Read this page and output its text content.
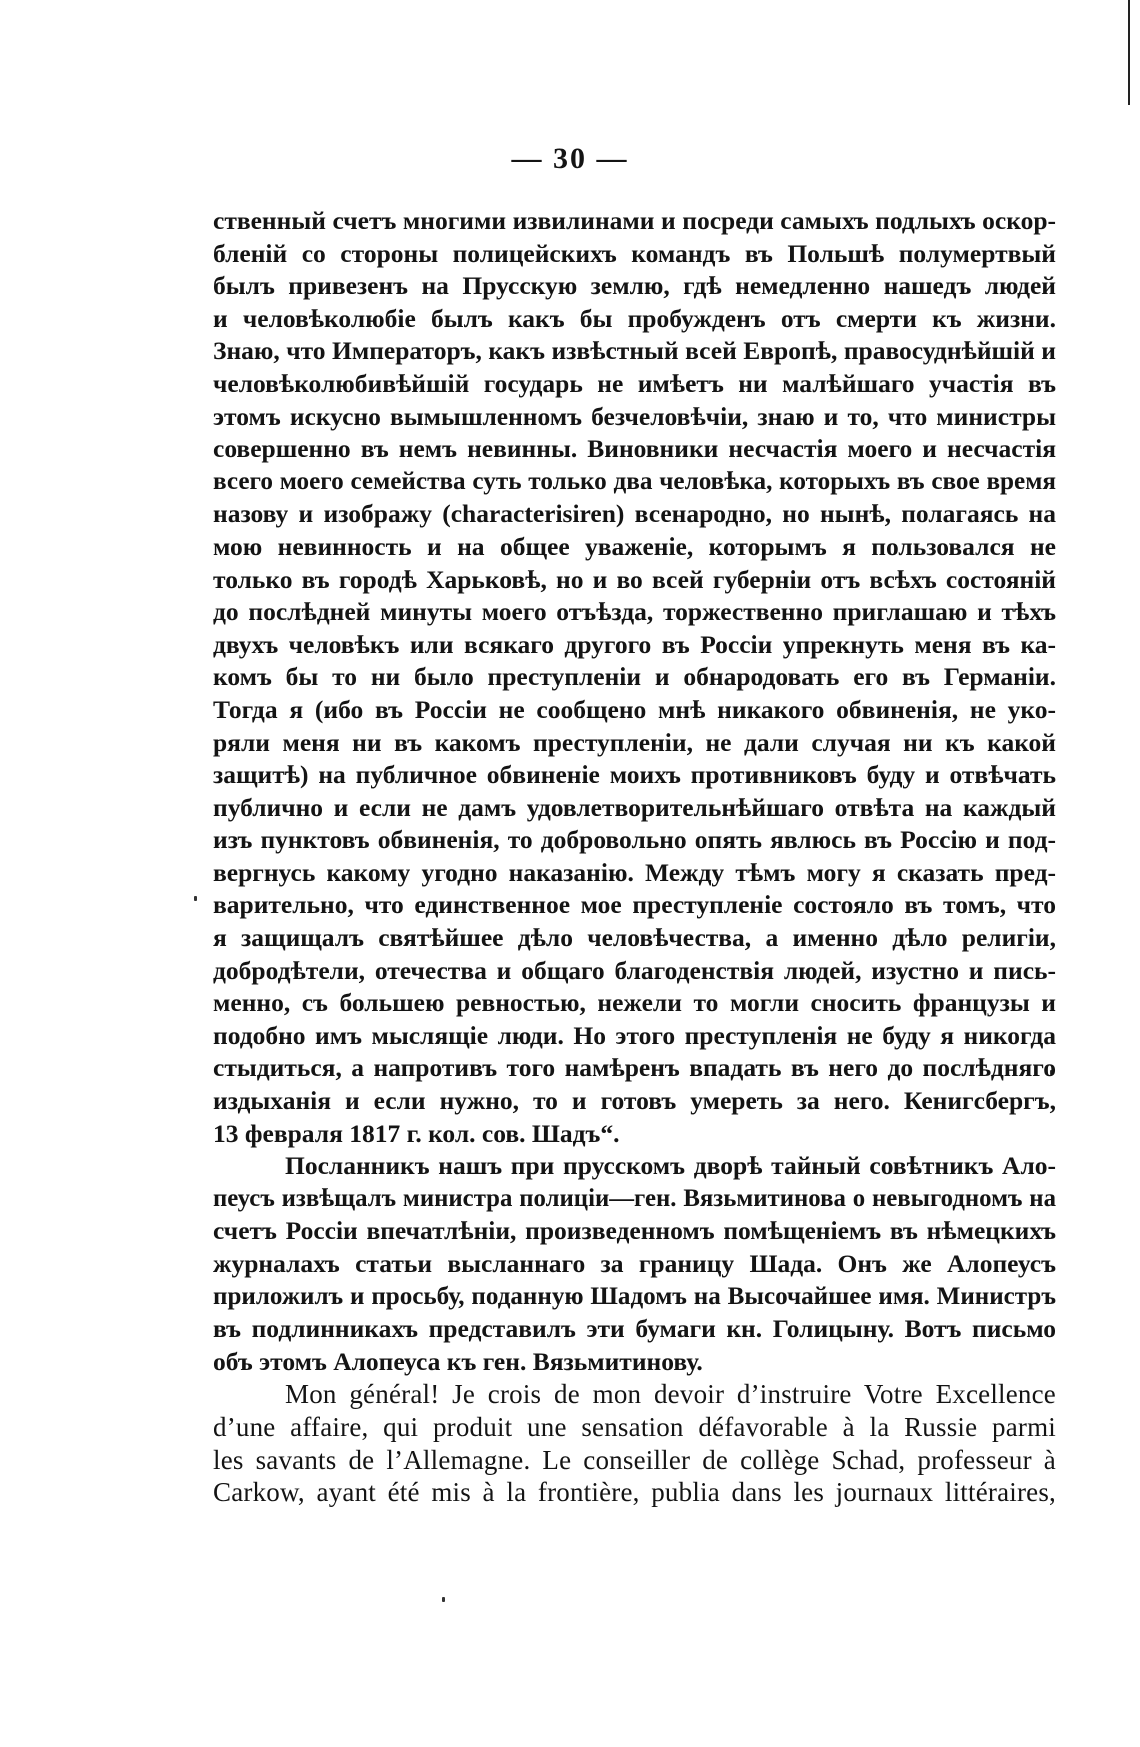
— 30 —
ственный счетъ многими извилинами и посреди самыхъ подлыхъ оскор-
бленій со стороны полицейскихъ командъ въ Польшѣ полумертвый
былъ привезенъ на Прусскую землю, гдѣ немедленно нашедъ людей
и человѣколюбіе былъ какъ бы пробужденъ отъ смерти къ жизни.
Знаю, что Императоръ, какъ извѣстный всей Европѣ, правосуднѣйшій и
человѣколюбивѣйшій государь не имѣетъ ни малѣйшаго участія въ
этомъ искусно вымышленномъ безчеловѣчіи, знаю и то, что министры
совершенно въ немъ невинны. Виновники несчастія моего и несчастія
всего моего семейства суть только два человѣка, которыхъ въ свое время
назову и изображу (characterisiren) всенародно, но нынѣ, полагаясь на
мою невинность и на общее уваженіе, которымъ я пользовался не
только въ городѣ Харьковѣ, но и во всей губерніи отъ всѣхъ состояній
до послѣдней минуты моего отъѣзда, торжественно приглашаю и тѣхъ
двухъ человѣкъ или всякаго другого въ Россіи упрекнуть меня въ ка-
комъ бы то ни было преступленіи и обнародовать его въ Германіи.
Тогда я (ибо въ Россіи не сообщено мнѣ никакого обвиненія, не уко-
ряли меня ни въ какомъ преступленіи, не дали случая ни къ какой
защитѣ) на публичное обвиненіе моихъ противниковъ буду и отвѣчать
публично и если не дамъ удовлетворительнѣйшаго отвѣта на каждый
изъ пунктовъ обвиненія, то добровольно опять явлюсь въ Россію и под-
вергнусь какому угодно наказанію. Между тѣмъ могу я сказать пред-
варительно, что единственное мое преступленіе состояло въ томъ, что
я защищалъ святѣйшее дѣло человѣчества, а именно дѣло религіи,
добродѣтели, отечества и общаго благоденствія людей, изустно и пись-
менно, съ большею ревностью, нежели то могли сносить французы и
подобно имъ мыслящіе люди. Но этого преступленія не буду я никогда
стыдиться, а напротивъ того намѣренъ впадать въ него до послѣдняго
издыханія и если нужно, то и готовъ умереть за него. Кенигсбергъ,
13 февраля 1817 г. кол. сов. Шадъ“.
Посланникъ нашъ при прусскомъ дворѣ тайный совѣтникъ Ало-
пеусъ извѣщалъ министра полиціи—ген. Вязьмитинова о невыгодномъ на
счетъ Россіи впечатлѣніи, произведенномъ помѣщеніемъ въ нѣмецкихъ
журналахъ статьи высланнаго за границу Шада. Онъ же Алопеусъ
приложилъ и просьбу, поданную Шадомъ на Высочайшее имя. Министръ
въ подлинникахъ представилъ эти бумаги кн. Голицыну. Вотъ письмо
объ этомъ Алопеуса къ ген. Вязьмитинову.
Mon général! Je crois de mon devoir d’instruire Votre Excellence
d’une affaire, qui produit une sensation défavorable à la Russie parmi
les savants de l’Allemagne. Le conseiller de collège Schad, professeur à
Carkow, ayant été mis à la frontière, publia dans les journaux littéraires,
